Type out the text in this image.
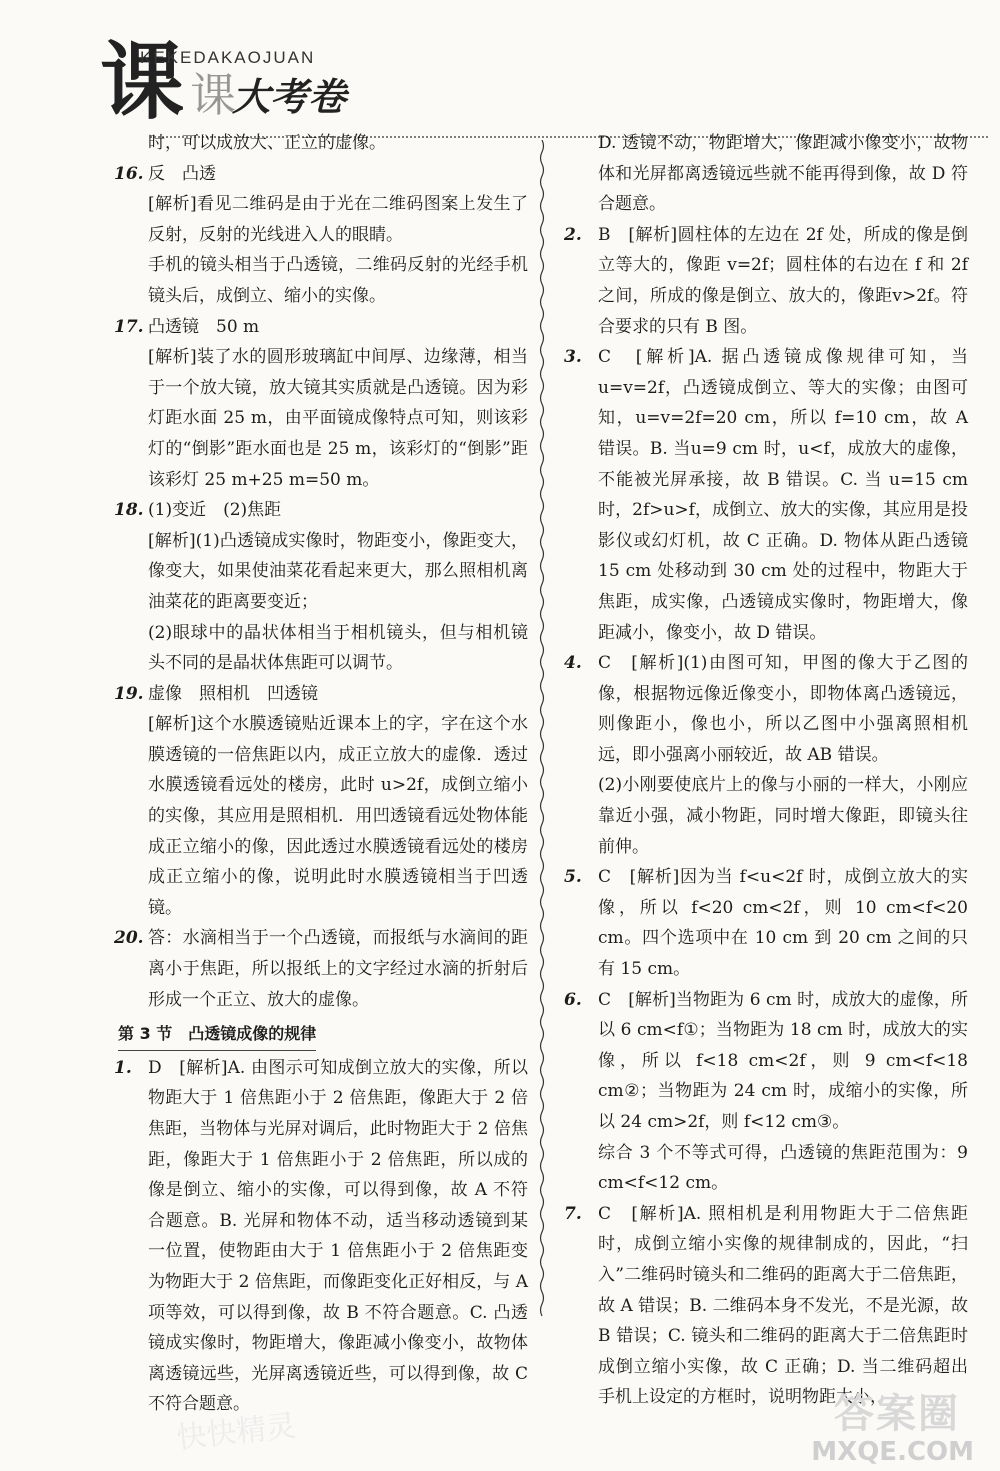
课 课
KEKEDAKAOJUAN
大考卷

时，可以成放大、正立的虚像。

16. 反　凸透

[解析]看见二维码是由于光在二维码图案上发生了反射，反射的光线进入人的眼睛。

手机的镜头相当于凸透镜，二维码反射的光经手机镜头后，成倒立、缩小的实像。

17. 凸透镜　50 m

[解析]装了水的圆形玻璃缸中间厚、边缘薄，相当于一个放大镜，放大镜其实质就是凸透镜。因为彩灯距水面 25 m，由平面镜成像特点可知，则该彩灯的“倒影”距水面也是 25 m，该彩灯的“倒影”距该彩灯 25 m+25 m=50 m。

18. (1)变近　(2)焦距

[解析](1)凸透镜成实像时，物距变小，像距变大，像变大，如果使油菜花看起来更大，那么照相机离油菜花的距离要变近；

(2)眼球中的晶状体相当于相机镜头，但与相机镜头不同的是晶状体焦距可以调节。

19. 虚像　照相机　凹透镜

[解析]这个水膜透镜贴近课本上的字，字在这个水膜透镜的一倍焦距以内，成正立放大的虚像．透过水膜透镜看远处的楼房，此时 u>2f，成倒立缩小的实像，其应用是照相机．用凹透镜看远处物体能成正立缩小的像，因此透过水膜透镜看远处的楼房成正立缩小的像，说明此时水膜透镜相当于凹透镜。

20. 答：水滴相当于一个凸透镜，而报纸与水滴间的距离小于焦距，所以报纸上的文字经过水滴的折射后形成一个正立、放大的虚像。

第 3 节　凸透镜成像的规律
1. D　[解析]A. 由图示可知成倒立放大的实像，所以物距大于 1 倍焦距小于 2 倍焦距，像距大于 2 倍焦距，当物体与光屏对调后，此时物距大于 2 倍焦距，像距大于 1 倍焦距小于 2 倍焦距，所以成的像是倒立、缩小的实像，可以得到像，故 A 不符合题意。B. 光屏和物体不动，适当移动透镜到某一位置，使物距由大于 1 倍焦距小于 2 倍焦距变为物距大于 2 倍焦距，而像距变化正好相反，与 A 项等效，可以得到像，故 B 不符合题意。C. 凸透镜成实像时，物距增大，像距减小像变小，故物体离透镜远些，光屏离透镜近些，可以得到像，故 C 不符合题意。

D. 透镜不动，物距增大，像距减小像变小，故物体和光屏都离透镜远些就不能再得到像，故 D 符合题意。

2. B　[解析]圆柱体的左边在 2f 处，所成的像是倒立等大的，像距 v=2f；圆柱体的右边在 f 和 2f 之间，所成的像是倒立、放大的，像距v>2f。符合要求的只有 B 图。

3. C　[解析]A. 据凸透镜成像规律可知，当 u=v=2f，凸透镜成倒立、等大的实像；由图可知，u=v=2f=20 cm，所以 f=10 cm，故 A 错误。B. 当u=9 cm 时，u<f，成放大的虚像，不能被光屏承接，故 B 错误。C. 当 u=15 cm 时，2f>u>f，成倒立、放大的实像，其应用是投影仪或幻灯机，故 C 正确。D. 物体从距凸透镜15 cm 处移动到 30 cm 处的过程中，物距大于焦距，成实像，凸透镜成实像时，物距增大，像距减小，像变小，故 D 错误。

4. C　[解析](1)由图可知，甲图的像大于乙图的像，根据物远像近像变小，即物体离凸透镜远，则像距小，像也小，所以乙图中小强离照相机远，即小强离小丽较近，故 AB 错误。

(2)小刚要使底片上的像与小丽的一样大，小刚应靠近小强，减小物距，同时增大像距，即镜头往前伸。

5. C　[解析]因为当 f<u<2f 时，成倒立放大的实像，所以 f<20 cm<2f，则 10 cm<f<20 cm。四个选项中在 10 cm 到 20 cm 之间的只有 15 cm。

6. C　[解析]当物距为 6 cm 时，成放大的虚像，所以 6 cm<f①；当物距为 18 cm 时，成放大的实像，所以 f<18 cm<2f，则 9 cm<f<18 cm②；当物距为 24 cm 时，成缩小的实像，所以 24 cm>2f，则 f<12 cm③。

综合 3 个不等式可得，凸透镜的焦距范围为：9 cm<f<12 cm。

7. C　[解析]A. 照相机是利用物距大于二倍焦距时，成倒立缩小实像的规律制成的，因此，“扫入”二维码时镜头和二维码的距离大于二倍焦距，故 A 错误；B. 二维码本身不发光，不是光源，故 B 错误；C. 镜头和二维码的距离大于二倍焦距时成倒立缩小实像，故 C 正确；D. 当二维码超出手机上设定的方框时，说明物距太小，

快快精灵	答案圈
MXQE.COM
